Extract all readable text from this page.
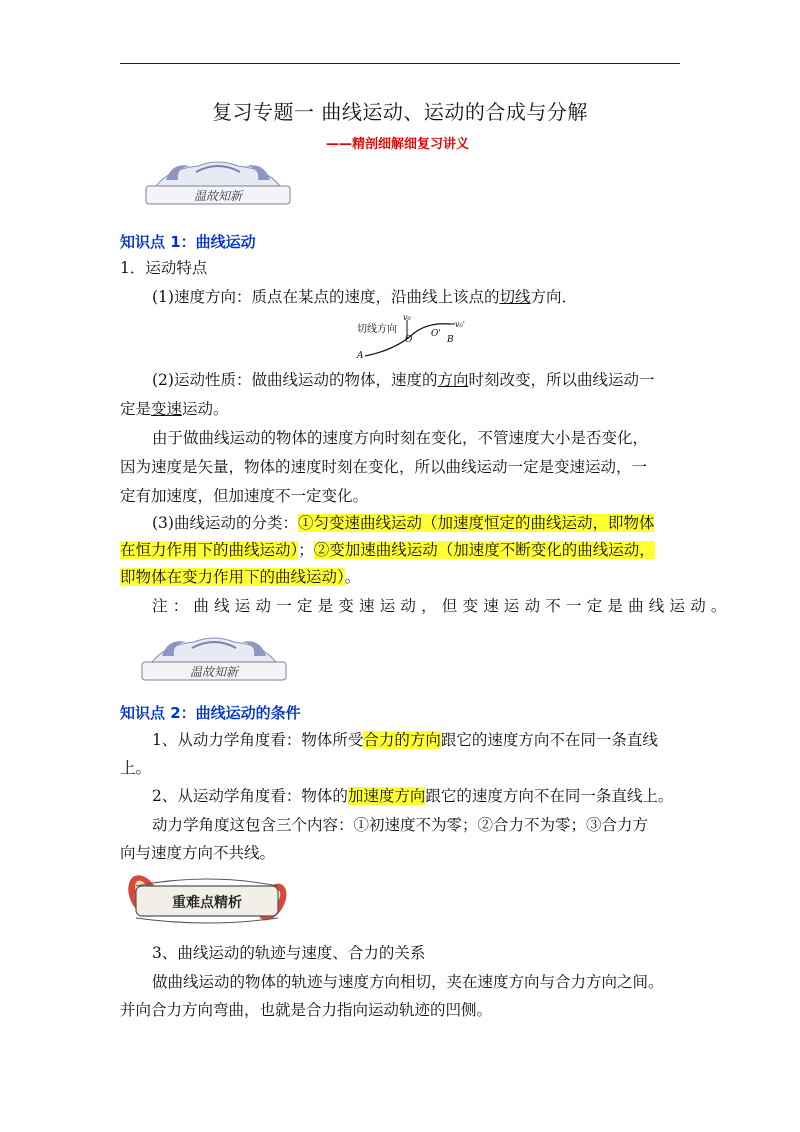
复习专题一 曲线运动、运动的合成与分解
——精剖细解细复习讲义
温故知新
知识点 1：曲线运动
1．运动特点
(1)速度方向：质点在某点的速度，沿曲线上该点的切线方向．
切线方向
v₀
v₀'
O
O'
B
A
(2)运动性质：做曲线运动的物体，速度的方向时刻改变，所以曲线运动一
定是变速运动。
由于做曲线运动的物体的速度方向时刻在变化，不管速度大小是否变化，
因为速度是矢量，物体的速度时刻在变化，所以曲线运动一定是变速运动，一
定有加速度，但加速度不一定变化。
(3)曲线运动的分类：①匀变速曲线运动（加速度恒定的曲线运动，即物体
在恒力作用下的曲线运动）；②变加速曲线运动（加速度不断变化的曲线运动，
即物体在变力作用下的曲线运动）。
注：曲线运动一定是变速运动，但变速运动不一定是曲线运动。
温故知新
知识点 2：曲线运动的条件
1、从动力学角度看：物体所受合力的方向跟它的速度方向不在同一条直线
上。
2、从运动学角度看：物体的加速度方向跟它的速度方向不在同一条直线上。
动力学角度这包含三个内容：①初速度不为零；②合力不为零；③合力方
向与速度方向不共线。
重难点精析
3、曲线运动的轨迹与速度、合力的关系
做曲线运动的物体的轨迹与速度方向相切，夹在速度方向与合力方向之间。
并向合力方向弯曲，也就是合力指向运动轨迹的凹侧。
